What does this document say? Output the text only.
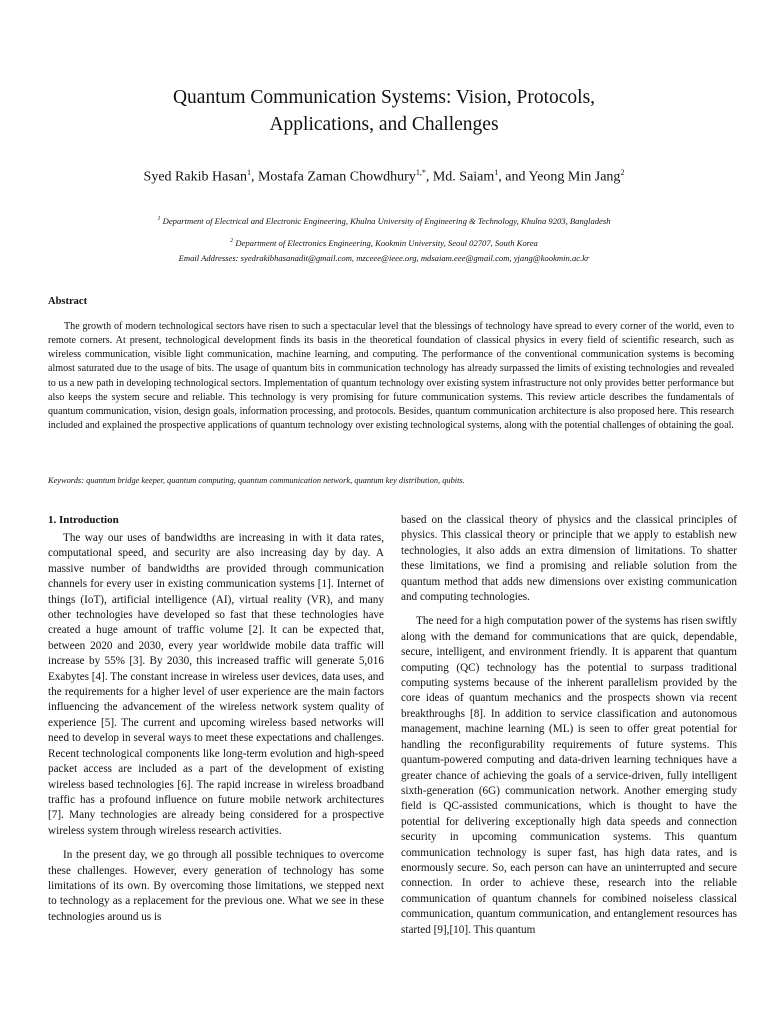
Quantum Communication Systems: Vision, Protocols,
Applications, and Challenges
Syed Rakib Hasan$^1$, Mostafa Zaman Chowdhury$^{1,*}$, Md. Saiam$^1$, and Yeong Min Jang$^2$
$^1$ Department of Electrical and Electronic Engineering, Khulna University of Engineering & Technology, Khulna 9203, Bangladesh
$^2$ Department of Electronics Engineering, Kookmin University, Seoul 02707, South Korea
Email Addresses: syedrakibhasanadit@gmail.com, mzceee@ieee.org, mdsaiam.eee@gmail.com, yjang@kookmin.ac.kr
Abstract

The growth of modern technological sectors have risen to such a spectacular level that the blessings of technology have spread to every corner of the world, even to remote corners. At present, technological development finds its basis in the theoretical foundation of classical physics in every field of scientific research, such as wireless communication, visible light communication, machine learning, and computing. The performance of the conventional communication systems is becoming almost saturated due to the usage of bits. The usage of quantum bits in communication technology has already surpassed the limits of existing technologies and revealed to us a new path in developing technological sectors. Implementation of quantum technology over existing system infrastructure not only provides better performance but also keeps the system secure and reliable. This technology is very promising for future communication systems. This review article describes the fundamentals of quantum communication, vision, design goals, information processing, and protocols. Besides, quantum communication architecture is also proposed here. This research included and explained the prospective applications of quantum technology over existing technological systems, along with the potential challenges of obtaining the goal.

Keywords: quantum bridge keeper, quantum computing, quantum communication network, quantum key distribution, qubits.
1. Introduction

The way our uses of bandwidths are increasing in with it data rates, computational speed, and security are also increasing day by day. A massive number of bandwidths are provided through communication channels for every user in existing communication systems [1]. Internet of things (IoT), artificial intelligence (AI), virtual reality (VR), and many other technologies have developed so fast that these technologies have created a huge amount of traffic volume [2]. It can be expected that, between 2020 and 2030, every year worldwide mobile data traffic will increase by 55% [3]. By 2030, this increased traffic will generate 5,016 Exabytes [4]. The constant increase in wireless user devices, data uses, and the requirements for a higher level of user experience are the main factors influencing the advancement of the wireless network system quality of experience [5]. The current and upcoming wireless based networks will need to develop in several ways to meet these expectations and challenges. Recent technological components like long-term evolution and high-speed packet access are included as a part of the development of existing wireless based technologies [6]. The rapid increase in wireless broadband traffic has a profound influence on future mobile network architectures [7]. Many technologies are already being considered for a prospective wireless system through wireless research activities.

In the present day, we go through all possible techniques to overcome these challenges. However, every generation of technology has some limitations of its own. By overcoming those limitations, we stepped next to technology as a replacement for the previous one. What we see in these technologies around us is

based on the classical theory of physics and the classical principles of physics. This classical theory or principle that we apply to establish new technologies, it also adds an extra dimension of limitations. To shatter these limitations, we find a promising and reliable solution from the quantum method that adds new dimensions over existing communication and computing technologies.

The need for a high computation power of the systems has risen swiftly along with the demand for communications that are quick, dependable, secure, intelligent, and environment friendly. It is apparent that quantum computing (QC) technology has the potential to surpass traditional computing systems because of the inherent parallelism provided by the core ideas of quantum mechanics and the prospects shown via recent breakthroughs [8]. In addition to service classification and autonomous management, machine learning (ML) is seen to offer great potential for handling the reconfigurability requirements of future systems. This quantum-powered computing and data-driven learning techniques have a greater chance of achieving the goals of a service-driven, fully intelligent sixth-generation (6G) communication network. Another emerging study field is QC-assisted communications, which is thought to have the potential for delivering exceptionally high data speeds and connection security in upcoming communication systems. This quantum communication technology is super fast, has high data rates, and is enormously secure. So, each person can have an uninterrupted and secure connection. In order to achieve these, research into the reliable communication of quantum channels for combined noiseless classical communication, quantum communication, and entanglement resources has started [9],[10]. This quantum
